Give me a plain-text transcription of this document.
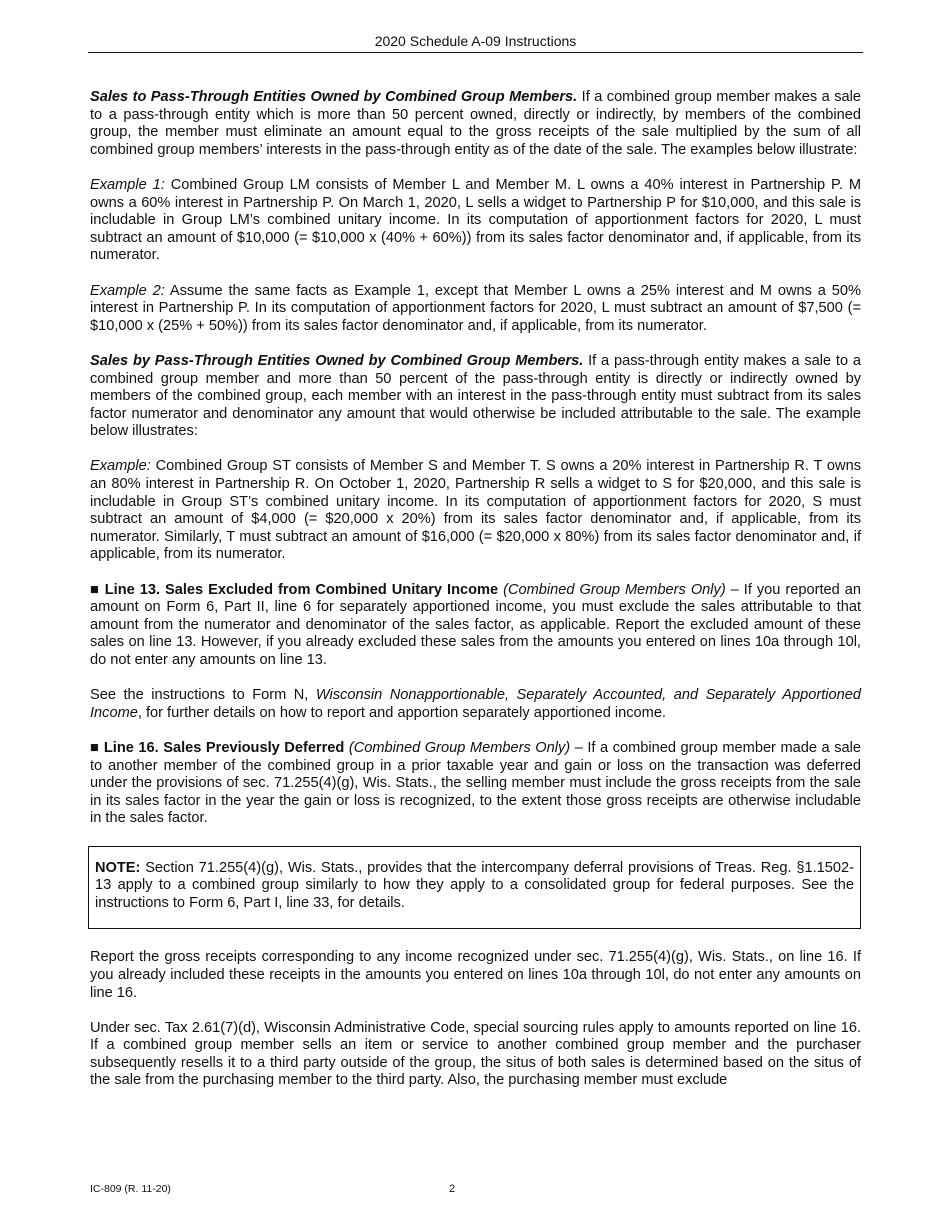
2020 Schedule A-09 Instructions

Sales to Pass-Through Entities Owned by Combined Group Members. If a combined group member makes a sale to a pass-through entity which is more than 50 percent owned, directly or indirectly, by members of the combined group, the member must eliminate an amount equal to the gross receipts of the sale multiplied by the sum of all combined group members’ interests in the pass-through entity as of the date of the sale. The examples below illustrate:

Example 1: Combined Group LM consists of Member L and Member M. L owns a 40% interest in Partnership P. M owns a 60% interest in Partnership P. On March 1, 2020, L sells a widget to Partnership P for $10,000, and this sale is includable in Group LM’s combined unitary income. In its computation of apportionment factors for 2020, L must subtract an amount of $10,000 (= $10,000 x (40% + 60%)) from its sales factor denominator and, if applicable, from its numerator.

Example 2: Assume the same facts as Example 1, except that Member L owns a 25% interest and M owns a 50% interest in Partnership P. In its computation of apportionment factors for 2020, L must subtract an amount of $7,500 (= $10,000 x (25% + 50%)) from its sales factor denominator and, if applicable, from its numerator.

Sales by Pass-Through Entities Owned by Combined Group Members. If a pass-through entity makes a sale to a combined group member and more than 50 percent of the pass-through entity is directly or indirectly owned by members of the combined group, each member with an interest in the pass-through entity must subtract from its sales factor numerator and denominator any amount that would otherwise be included attributable to the sale. The example below illustrates:

Example: Combined Group ST consists of Member S and Member T. S owns a 20% interest in Partnership R. T owns an 80% interest in Partnership R. On October 1, 2020, Partnership R sells a widget to S for $20,000, and this sale is includable in Group ST’s combined unitary income. In its computation of apportionment factors for 2020, S must subtract an amount of $4,000 (= $20,000 x 20%) from its sales factor denominator and, if applicable, from its numerator. Similarly, T must subtract an amount of $16,000 (= $20,000 x 80%) from its sales factor denominator and, if applicable, from its numerator.

■ Line 13. Sales Excluded from Combined Unitary Income (Combined Group Members Only) – If you reported an amount on Form 6, Part II, line 6 for separately apportioned income, you must exclude the sales attributable to that amount from the numerator and denominator of the sales factor, as applicable. Report the excluded amount of these sales on line 13. However, if you already excluded these sales from the amounts you entered on lines 10a through 10l, do not enter any amounts on line 13.

See the instructions to Form N, Wisconsin Nonapportionable, Separately Accounted, and Separately Apportioned Income, for further details on how to report and apportion separately apportioned income.

■ Line 16. Sales Previously Deferred (Combined Group Members Only) – If a combined group member made a sale to another member of the combined group in a prior taxable year and gain or loss on the transaction was deferred under the provisions of sec. 71.255(4)(g), Wis. Stats., the selling member must include the gross receipts from the sale in its sales factor in the year the gain or loss is recognized, to the extent those gross receipts are otherwise includable in the sales factor.

NOTE: Section 71.255(4)(g), Wis. Stats., provides that the intercompany deferral provisions of Treas. Reg. §1.1502-13 apply to a combined group similarly to how they apply to a consolidated group for federal purposes. See the instructions to Form 6, Part I, line 33, for details.

Report the gross receipts corresponding to any income recognized under sec. 71.255(4)(g), Wis. Stats., on line 16. If you already included these receipts in the amounts you entered on lines 10a through 10l, do not enter any amounts on line 16.

Under sec. Tax 2.61(7)(d), Wisconsin Administrative Code, special sourcing rules apply to amounts reported on line 16. If a combined group member sells an item or service to another combined group member and the purchaser subsequently resells it to a third party outside of the group, the situs of both sales is determined based on the situs of the sale from the purchasing member to the third party. Also, the purchasing member must exclude

IC-809 (R. 11-20)	2
